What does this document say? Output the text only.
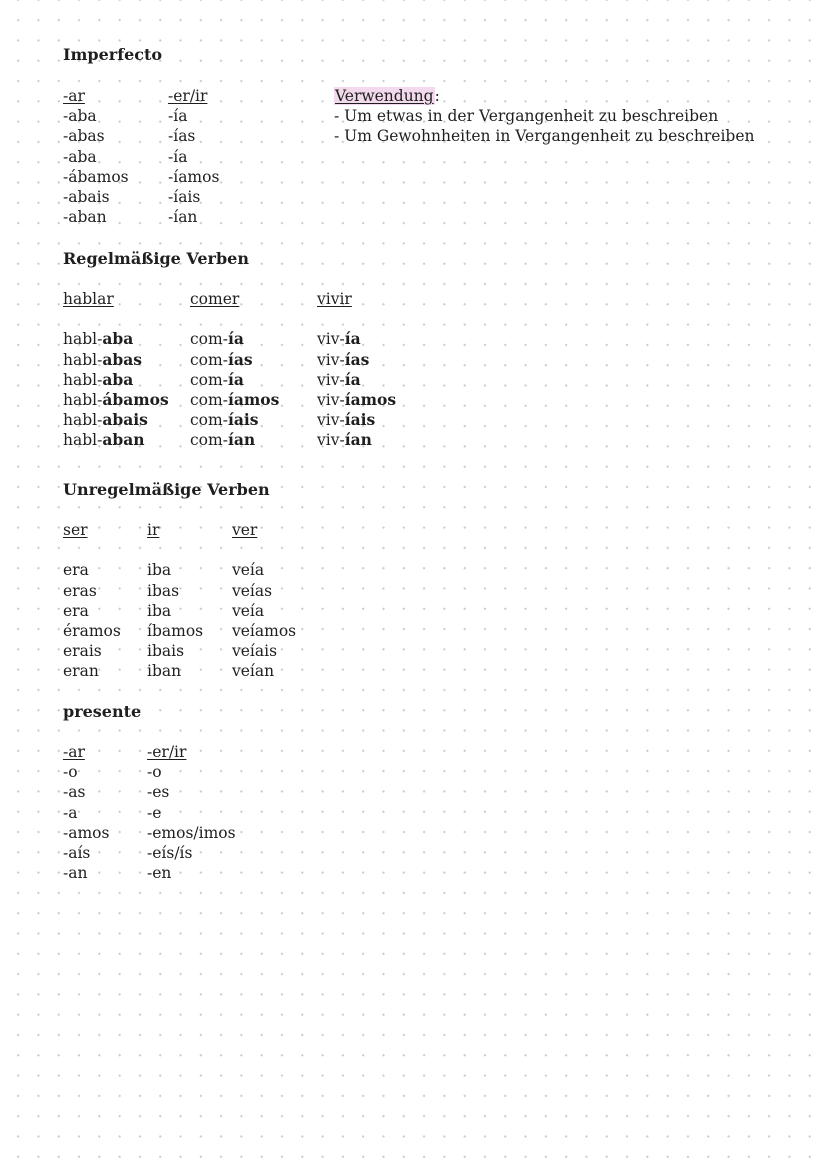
Imperfecto
-ar
-aba
-abas
-aba
-ábamos
-abais
-aban
-er/ir
-ía
-ías
-ía
-íamos
-íais
-ían
Verwendung:
- Um etwas in der Vergangenheit zu beschreiben
- Um Gewohnheiten in Vergangenheit zu beschreiben
Regelmäßige Verben
hablar
habl-aba
habl-abas
habl-aba
habl-ábamos
habl-abais
habl-aban
comer
com-ía
com-ías
com-ía
com-íamos
com-íais
com-ían
vivir
viv-ía
viv-ías
viv-ía
viv-íamos
viv-íais
viv-ían
Unregelmäßige Verben
ser
era
eras
era
éramos
erais
eran
ir
iba
ibas
iba
íbamos
ibais
iban
ver
veía
veías
veía
veíamos
veíais
veían
presente
-ar
-o
-as
-a
-amos
-aís
-an
-er/ir
-o
-es
-e
-emos/imos
-eís/ís
-en
